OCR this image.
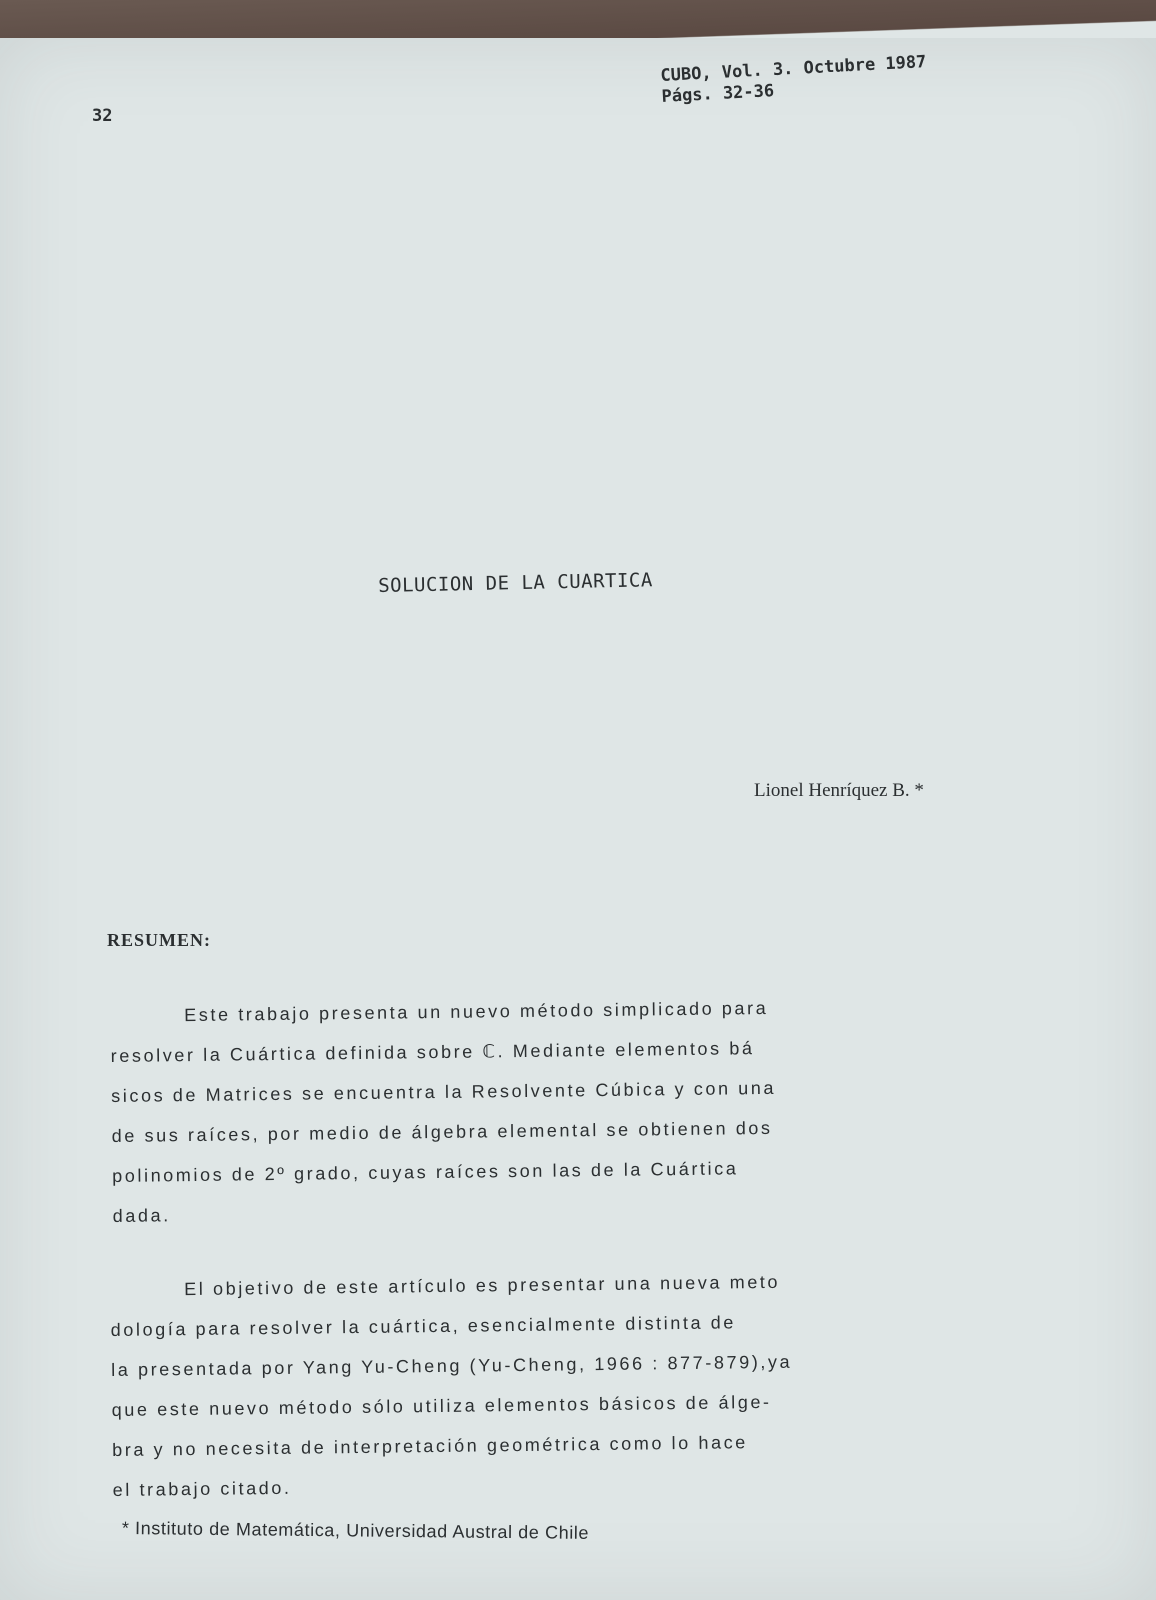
CUBO, Vol. 3. Octubre 1987
Págs. 32-36
32
SOLUCION DE LA CUARTICA
Lionel Henríquez B. *
RESUMEN:
Este trabajo presenta un nuevo método simplicado para
resolver la Cuártica definida sobre ℂ. Mediante elementos bá
sicos de Matrices se encuentra la Resolvente Cúbica y con una
de sus raíces, por medio de álgebra elemental se obtienen dos
polinomios de 2º grado, cuyas raíces son las de la Cuártica
dada.
El objetivo de este artículo es presentar una nueva meto
dología para resolver la cuártica, esencialmente distinta de
la presentada por Yang Yu-Cheng (Yu-Cheng, 1966 : 877-879),ya
que este nuevo método sólo utiliza elementos básicos de álge-
bra y no necesita de interpretación geométrica como lo hace
el trabajo citado.
* Instituto de Matemática, Universidad Austral de Chile
